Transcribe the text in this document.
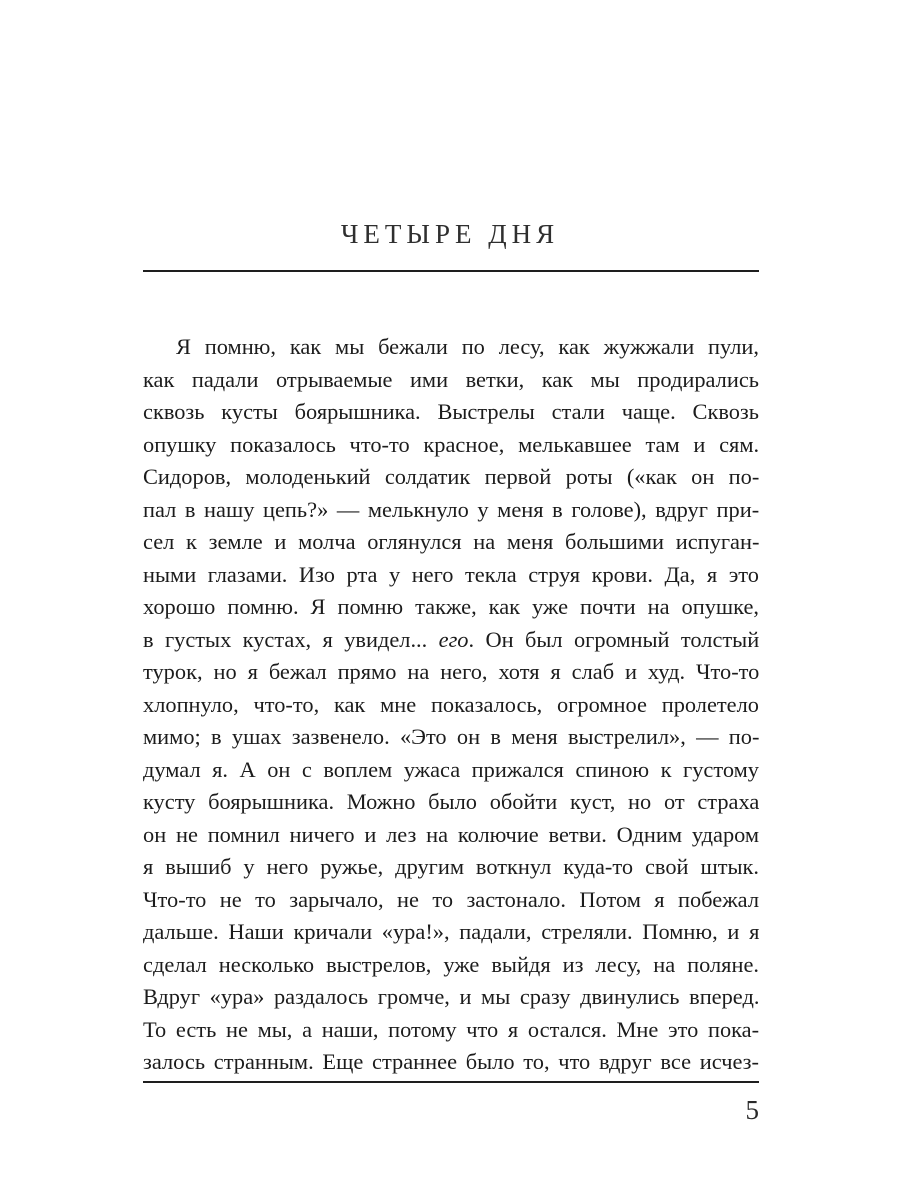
ЧЕТЫРЕ ДНЯ
Я помню, как мы бежали по лесу, как жужжали пули,
как падали отрываемые ими ветки, как мы продирались
сквозь кусты боярышника. Выстрелы стали чаще. Сквозь
опушку показалось что-то красное, мелькавшее там и сям.
Сидоров, молоденький солдатик первой роты («как он по-
пал в нашу цепь?» — мелькнуло у меня в голове), вдруг при-
сел к земле и молча оглянулся на меня большими испуган-
ными глазами. Изо рта у него текла струя крови. Да, я это
хорошо помню. Я помню также, как уже почти на опушке,
в густых кустах, я увидел... его. Он был огромный толстый
турок, но я бежал прямо на него, хотя я слаб и худ. Что-то
хлопнуло, что-то, как мне показалось, огромное пролетело
мимо; в ушах зазвенело. «Это он в меня выстрелил», — по-
думал я. А он с воплем ужаса прижался спиною к густому
кусту боярышника. Можно было обойти куст, но от страха
он не помнил ничего и лез на колючие ветви. Одним ударом
я вышиб у него ружье, другим воткнул куда-то свой штык.
Что-то не то зарычало, не то застонало. Потом я побежал
дальше. Наши кричали «ура!», падали, стреляли. Помню, и я
сделал несколько выстрелов, уже выйдя из лесу, на поляне.
Вдруг «ура» раздалось громче, и мы сразу двинулись вперед.
То есть не мы, а наши, потому что я остался. Мне это пока-
залось странным. Еще страннее было то, что вдруг все исчез-
5
